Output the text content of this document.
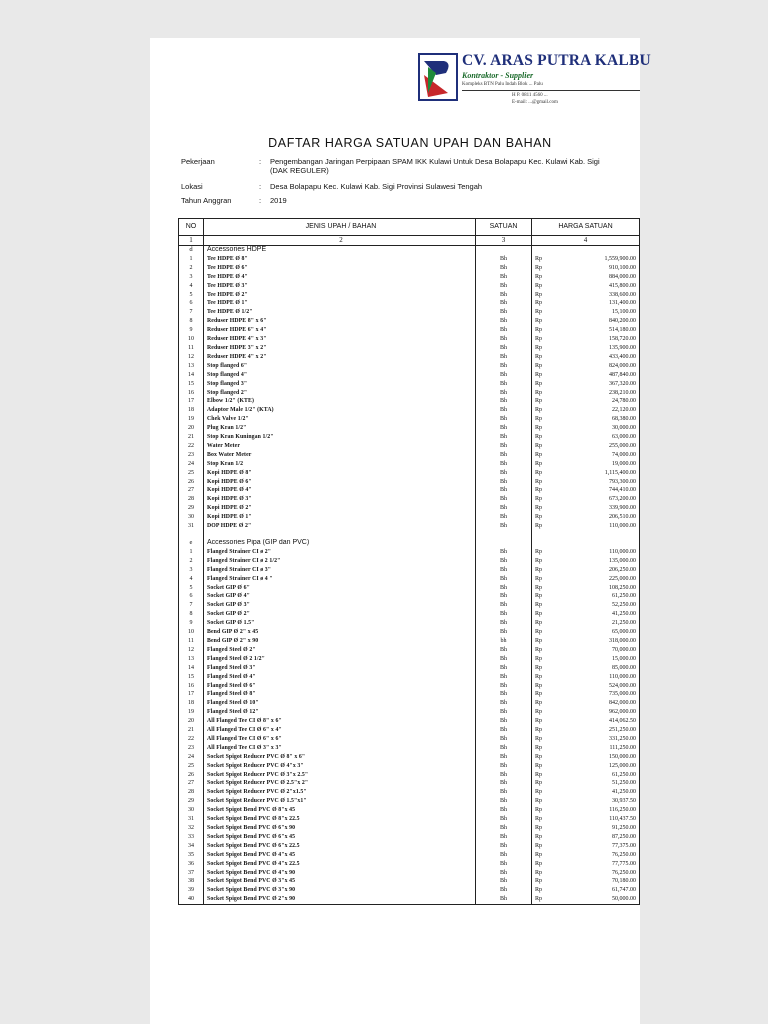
CV. ARAS PUTRA KALBU
Kontraktor - Supplier
Kompleks BTN Palu Indah Blok ... Palu
H P. 0811 4560 ...
E-mail: ...@gmail.com
DAFTAR HARGA SATUAN UPAH DAN BAHAN
Pekerjaan	: Pengembangan Jaringan Perpipaan SPAM IKK Kulawi Untuk Desa Bolapapu Kec. Kulawi Kab. Sigi
(DAK REGULER)
Lokasi	: Desa Bolapapu Kec. Kulawi Kab. Sigi Provinsi Sulawesi Tengah
Tahun Anggran	: 2019
NO	JENIS UPAH / BAHAN	SATUAN	HARGA SATUAN	
1	2	3	4	
d	Accessories HDPE			
1	Tee HDPE Ø 8"	Bh	Rp	1,559,900.00
2	Tee HDPE Ø 6"	Bh	Rp	910,100.00
3	Tee HDPE Ø 4"	Bh	Rp	884,000.00
4	Tee HDPE Ø 3"	Bh	Rp	415,800.00
5	Tee HDPE Ø 2"	Bh	Rp	338,600.00
6	Tee HDPE Ø 1"	Bh	Rp	131,400.00
7	Tee HDPE Ø 1/2"	Bh	Rp	15,100.00
8	Reduser HDPE 8" x 6"	Bh	Rp	840,200.00
9	Reduser HDPE 6" x 4"	Bh	Rp	514,180.00
10	Reduser HDPE 4" x 3"	Bh	Rp	158,720.00
11	Reduser HDPE 3" x 2"	Bh	Rp	135,900.00
12	Reduser HDPE 4" x 2"	Bh	Rp	433,400.00
13	Stop flanged 6"	Bh	Rp	824,000.00
14	Stop flanged 4"	Bh	Rp	487,840.00
15	Stop flanged 3"	Bh	Rp	367,320.00
16	Stop flanged 2"	Bh	Rp	238,210.00
17	Elbow 1/2" (KTE)	Bh	Rp	24,780.00
18	Adaptor Male 1/2" (KTA)	Bh	Rp	22,120.00
19	Chek Valve 1/2"	Bh	Rp	68,380.00
20	Plug Kran 1/2"	Bh	Rp	30,000.00
21	Stop Kran Kuningan 1/2"	Bh	Rp	63,000.00
22	Water Meter	Bh	Rp	255,000.00
23	Box Water Meter	Bh	Rp	74,000.00
24	Stop Kran 1/2	Bh	Rp	19,000.00
25	Kopi HDPE Ø 8"	Bh	Rp	1,115,400.00
26	Kopi HDPE Ø 6"	Bh	Rp	793,300.00
27	Kopi HDPE Ø 4"	Bh	Rp	744,410.00
28	Kopi HDPE Ø 3"	Bh	Rp	673,200.00
29	Kopi HDPE Ø 2"	Bh	Rp	339,900.00
30	Kopi HDPE Ø 1"	Bh	Rp	206,510.00
31	DOP HDPE Ø 2"	Bh	Rp	110,000.00

e	Accessories Pipa (GIP dan PVC)			
1	Flanged Strainer CI ø 2"	Bh	Rp	110,000.00
2	Flanged Strainer CI ø 2 1/2"	Bh	Rp	135,000.00
3	Flanged Strainer CI ø 3"	Bh	Rp	206,250.00
4	Flanged Strainer CI ø 4 "	Bh	Rp	225,000.00
5	Socket GIP Ø 6"	Bh	Rp	108,250.00
6	Socket GIP Ø 4"	Bh	Rp	61,250.00
7	Socket GIP Ø 3"	Bh	Rp	52,250.00
8	Socket GIP Ø 2"	Bh	Rp	41,250.00
9	Socket GIP Ø 1.5"	Bh	Rp	21,250.00
10	Bend GIP Ø 2" x 45	Bh	Rp	65,000.00
11	Bend GIP Ø 2" x 90	bh	Rp	318,000.00
12	Flanged Steel Ø 2"	Bh	Rp	70,000.00
13	Flanged Steel Ø 2 1/2"	Bh	Rp	15,000.00
14	Flanged Steel Ø 3"	Bh	Rp	85,000.00
15	Flanged Steel Ø 4"	Bh	Rp	110,000.00
16	Flanged Steel Ø 6"	Bh	Rp	524,000.00
17	Flanged Steel Ø 8"	Bh	Rp	735,000.00
18	Flanged Steel Ø 10"	Bh	Rp	842,000.00
19	Flanged Steel Ø 12"	Bh	Rp	962,000.00
20	All Flanged Tee CI Ø 8" x 6"	Bh	Rp	414,062.50
21	All Flanged Tee CI Ø 6" x 4"	Bh	Rp	251,250.00
22	All Flanged Tee CI Ø 6" x 6"	Bh	Rp	331,250.00
23	All Flanged Tee CI Ø 3" x 3"	Bh	Rp	111,250.00
24	Socket Spigot Reducer PVC Ø 8" x 6"	Bh	Rp	150,000.00
25	Socket Spigot Reducer PVC Ø 4"x 3"	Bh	Rp	125,000.00
26	Socket Spigot Reducer PVC Ø 3"x 2.5"	Bh	Rp	61,250.00
27	Socket Spigot Reducer PVC Ø 2.5"x 2"	Bh	Rp	51,250.00
28	Socket Spigot Reducer PVC Ø 2"x1.5"	Bh	Rp	41,250.00
29	Socket Spigot Reducer PVC Ø 1.5"x1"	Bh	Rp	30,937.50
30	Socket Spigot Bend PVC Ø 8"x 45	Bh	Rp	116,250.00
31	Socket Spigot Bend PVC Ø 8"x 22.5	Bh	Rp	110,437.50
32	Socket Spigot Bend PVC Ø 6"x 90	Bh	Rp	91,250.00
33	Socket Spigot Bend PVC Ø 6"x 45	Bh	Rp	87,250.00
34	Socket Spigot Bend PVC Ø 6"x 22.5	Bh	Rp	77,375.00
35	Socket Spigot Bend PVC Ø 4"x 45	Bh	Rp	76,250.00
36	Socket Spigot Bend PVC Ø 4"x 22.5	Bh	Rp	77,775.00
37	Socket Spigot Bend PVC Ø 4"x 90	Bh	Rp	76,250.00
38	Socket Spigot Bend PVC Ø 3"x 45	Bh	Rp	70,180.00
39	Socket Spigot Bend PVC Ø 3"x 90	Bh	Rp	61,747.00
40	Socket Spigot Bend PVC Ø 2"x 90	Bh	Rp	50,000.00
